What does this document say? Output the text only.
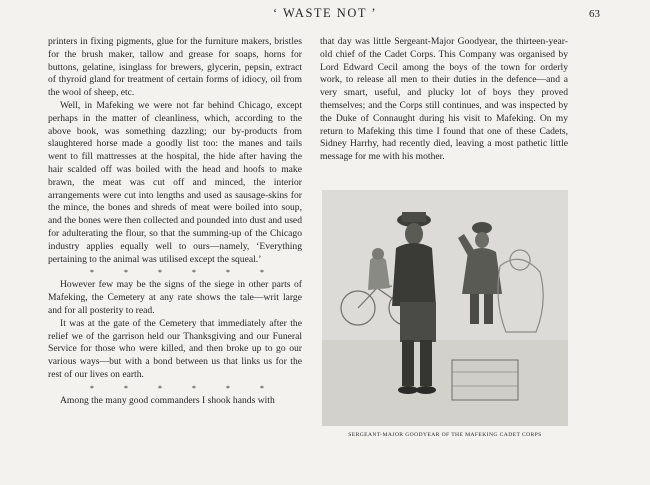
‘ WASTE NOT ’	63

printers in fixing pigments, glue for the furniture makers, bristles for the brush maker, tallow and grease for soaps, horns for buttons, gelatine, isinglass for brewers, glycerin, pepsin, extract of thyroid gland for treatment of certain forms of idiocy, oil from the wool of sheep, etc.

Well, in Mafeking we were not far behind Chicago, except perhaps in the matter of cleanliness, which, according to the above book, was something dazzling; our by-products from slaughtered horse made a goodly list too: the manes and tails went to fill mattresses at the hospital, the hide after having the hair scalded off was boiled with the head and hoofs to make brawn, the meat was cut off and minced, the interior arrangements were cut into lengths and used as sausage-skins for the mince, the bones and shreds of meat were boiled into soup, and the bones were then collected and pounded into dust and used for adulterating the flour, so that the summing-up of the Chicago industry applies equally well to ours—namely, ‘Everything pertaining to the animal was utilised except the squeal.’

* * * * * *

However few may be the signs of the siege in other parts of Mafeking, the Cemetery at any rate shows the tale—writ large and for all posterity to read.

It was at the gate of the Cemetery that immediately after the relief we of the garrison held our Thanksgiving and our Funeral Service for those who were killed, and then broke up to go our various ways—but with a bond between us that links us for the rest of our lives on earth.

* * * * * *

Among the many good commanders I shook hands with

that day was little Sergeant-Major Goodyear, the thirteen-year-old chief of the Cadet Corps. This Company was organised by Lord Edward Cecil among the boys of the town for orderly work, to release all men to their duties in the defence—and a very smart, useful, and plucky lot of boys they proved themselves; and the Corps still continues, and was inspected by the Duke of Connaught during his visit to Mafeking. On my return to Mafeking this time I found that one of these Cadets, Sidney Harrhy, had recently died, leaving a most pathetic little message for me with his mother.

SERGEANT-MAJOR GOODYEAR OF THE MAFEKING CADET CORPS
